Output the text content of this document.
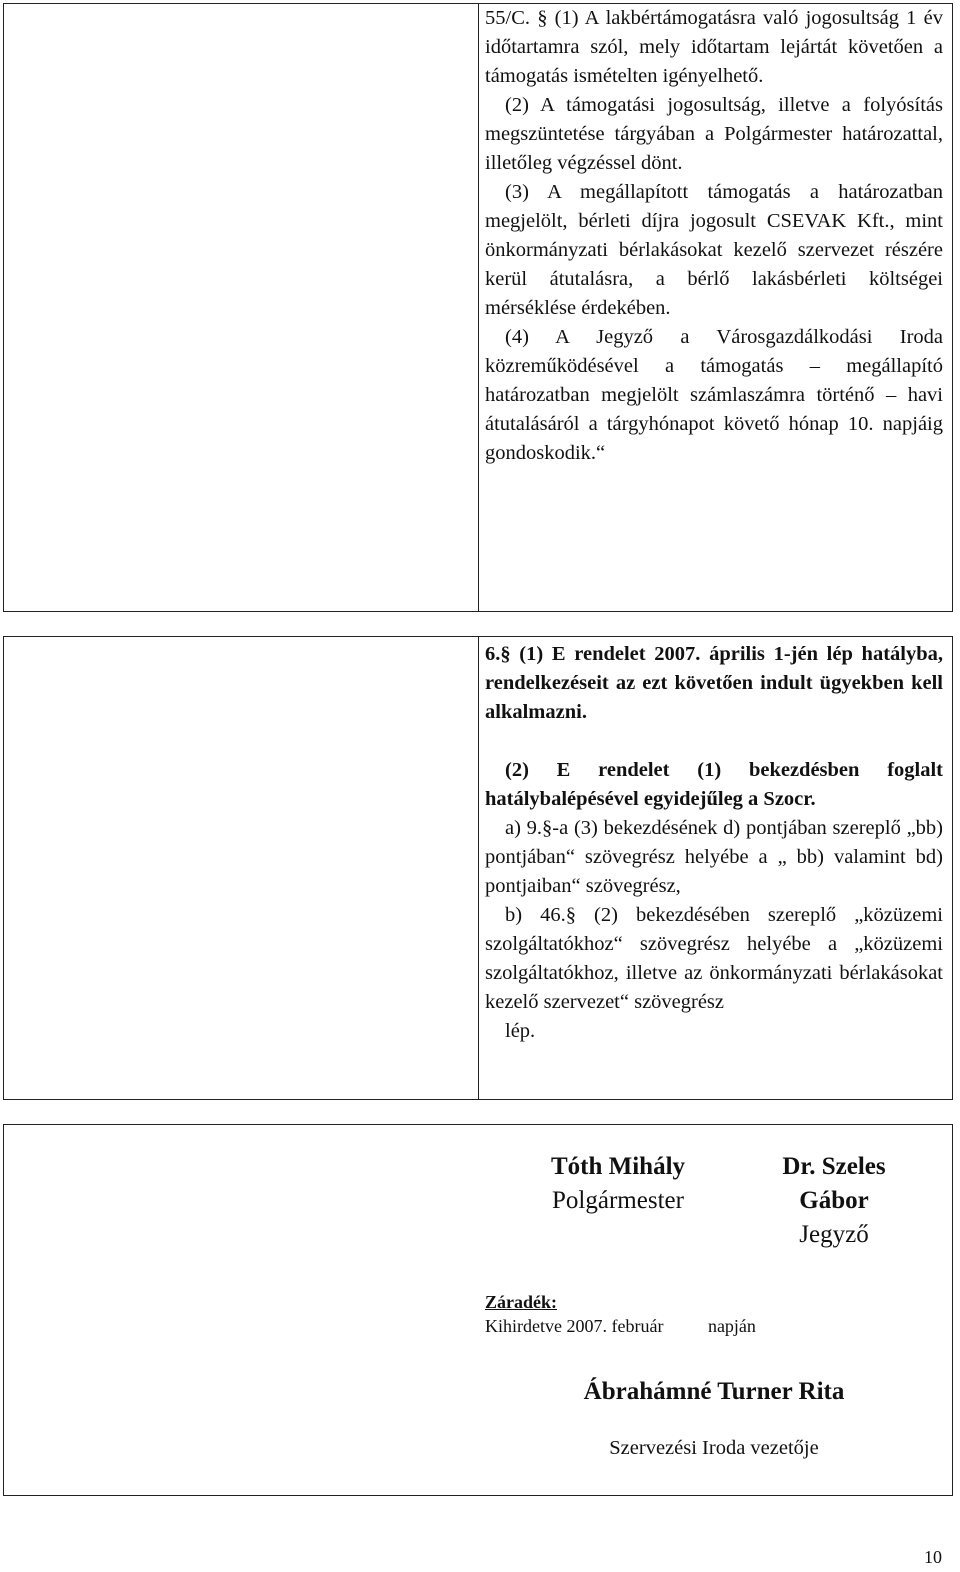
55/C. § (1) A lakbértámogatásra való jogosultság 1 év időtartamra szól, mely időtartam lejártát követően a támogatás ismételten igényelhető.

(2) A támogatási jogosultság, illetve a folyósítás megszüntetése tárgyában a Polgármester határozattal, illetőleg végzéssel dönt.

(3) A megállapított támogatás a határozatban megjelölt, bérleti díjra jogosult CSEVAK Kft., mint önkormányzati bérlakásokat kezelő szervezet részére kerül átutalásra, a bérlő lakásbérleti költségei mérséklése érdekében.

(4) A Jegyző a Városgazdálkodási Iroda közreműködésével a támogatás – megállapító határozatban megjelölt számlaszámra történő – havi átutalásáról a tárgyhónapot követő hónap 10. napjáig gondoskodik.“

6.§ (1) E rendelet 2007. április 1-jén lép hatályba, rendelkezéseit az ezt követően indult ügyekben kell alkalmazni.

(2) E rendelet (1) bekezdésben foglalt hatálybalépésével egyidejűleg a Szocr.

a) 9.§-a (3) bekezdésének d) pontjában szereplő „bb) pontjában“ szövegrész helyébe a „ bb) valamint bd) pontjaiban“ szövegrész,

b) 46.§ (2) bekezdésében szereplő „közüzemi szolgáltatókhoz“ szövegrész helyébe a „közüzemi szolgáltatókhoz, illetve az önkormányzati bérlakásokat kezelő szervezet“ szövegrész

lép.

Tóth Mihály
Polgármester
Dr. Szeles Gábor
Jegyző
Záradék:
Kihirdetve 2007. február napján
Ábrahámné Turner Rita
Szervezési Iroda vezetője
10
